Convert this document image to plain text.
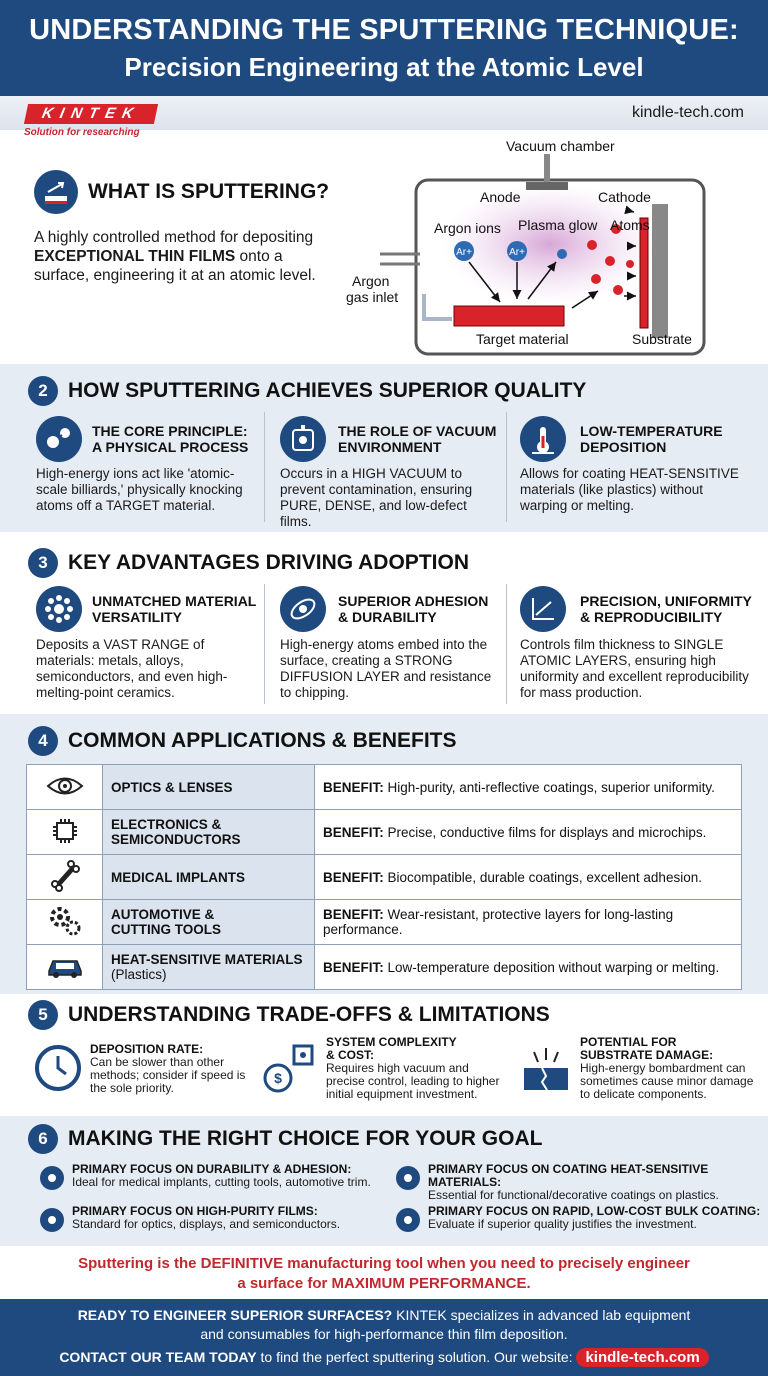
UNDERSTANDING THE SPUTTERING TECHNIQUE:
Precision Engineering at the Atomic Level
KINTEK
Solution for researching
kindle-tech.com
WHAT IS SPUTTERING?
A highly controlled method for depositing EXCEPTIONAL THIN FILMS onto a surface, engineering it at an atomic level.
Vacuum chamber
Anode	Cathode
Argon ions Plasma glow Atoms
Ar+	Ar+
Argon
gas inlet
Target material	Substrate
2 HOW SPUTTERING ACHIEVES SUPERIOR QUALITY
THE CORE PRINCIPLE:
A PHYSICAL PROCESS
High-energy ions act like 'atomic-scale billiards,' physically knocking atoms off a TARGET material.
THE ROLE OF VACUUM
ENVIRONMENT
Occurs in a HIGH VACUUM to prevent contamination, ensuring PURE, DENSE, and low-defect films.
LOW-TEMPERATURE
DEPOSITION
Allows for coating HEAT-SENSITIVE materials (like plastics) without warping or melting.
3 KEY ADVANTAGES DRIVING ADOPTION
UNMATCHED MATERIAL
VERSATILITY
Deposits a VAST RANGE of materials: metals, alloys, semiconductors, and even high-melting-point ceramics.
SUPERIOR ADHESION
& DURABILITY
High-energy atoms embed into the surface, creating a STRONG DIFFUSION LAYER and resistance to chipping.
PRECISION, UNIFORMITY
& REPRODUCIBILITY
Controls film thickness to SINGLE ATOMIC LAYERS, ensuring high uniformity and excellent reproducibility for mass production.
4 COMMON APPLICATIONS & BENEFITS

OPTICS & LENSES	BENEFIT: High-purity, anti-reflective coatings, superior uniformity.

ELECTRONICS &
SEMICONDUCTORS	BENEFIT: Precise, conductive films for displays and microchips.

MEDICAL IMPLANTS	BENEFIT: Biocompatible, durable coatings, excellent adhesion.

AUTOMOTIVE &
CUTTING TOOLS	BENEFIT: Wear-resistant, protective layers for long-lasting performance.

HEAT-SENSITIVE MATERIALS
(Plastics)	BENEFIT: Low-temperature deposition without warping or melting.
5 UNDERSTANDING TRADE-OFFS & LIMITATIONS
DEPOSITION RATE:
Can be slower than other methods; consider if speed is the sole priority.
$
SYSTEM COMPLEXITY
& COST:
Requires high vacuum and precise control, leading to higher initial equipment investment.
POTENTIAL FOR
SUBSTRATE DAMAGE:
High-energy bombardment can sometimes cause minor damage to delicate components.
6 MAKING THE RIGHT CHOICE FOR YOUR GOAL
PRIMARY FOCUS ON DURABILITY & ADHESION:
Ideal for medical implants, cutting tools, automotive trim.
PRIMARY FOCUS ON COATING HEAT-SENSITIVE MATERIALS:
Essential for functional/decorative coatings on plastics.
PRIMARY FOCUS ON HIGH-PURITY FILMS:
Standard for optics, displays, and semiconductors.
PRIMARY FOCUS ON RAPID, LOW-COST BULK COATING:
Evaluate if superior quality justifies the investment.
Sputtering is the DEFINITIVE manufacturing tool when you need to precisely engineer
a surface for MAXIMUM PERFORMANCE.
READY TO ENGINEER SUPERIOR SURFACES? KINTEK specializes in advanced lab equipment
and consumables for high-performance thin film deposition.
CONTACT OUR TEAM TODAY to find the perfect sputtering solution. Our website: kindle-tech.com
